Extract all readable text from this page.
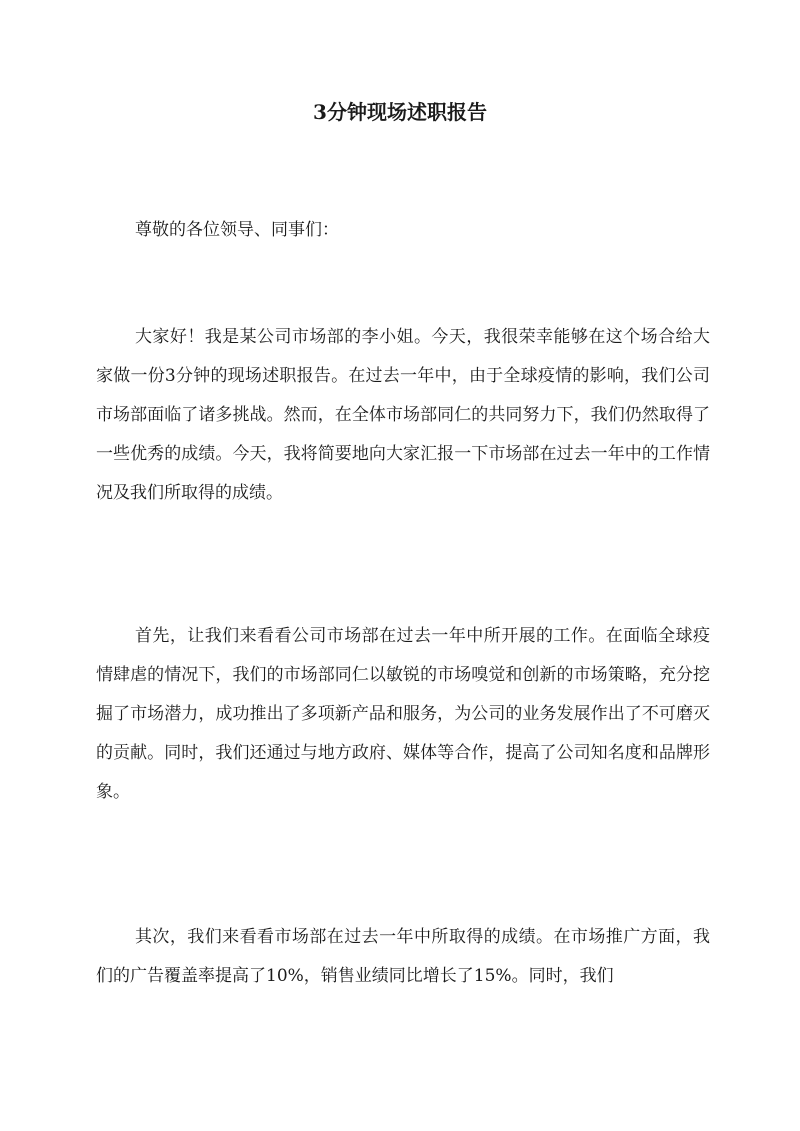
3分钟现场述职报告

尊敬的各位领导、同事们：

大家好！我是某公司市场部的李小姐。今天，我很荣幸能够在这个场合给大家做一份3分钟的现场述职报告。在过去一年中，由于全球疫情的影响，我们公司市场部面临了诸多挑战。然而，在全体市场部同仁的共同努力下，我们仍然取得了一些优秀的成绩。今天，我将简要地向大家汇报一下市场部在过去一年中的工作情况及我们所取得的成绩。

首先，让我们来看看公司市场部在过去一年中所开展的工作。在面临全球疫情肆虐的情况下，我们的市场部同仁以敏锐的市场嗅觉和创新的市场策略，充分挖掘了市场潜力，成功推出了多项新产品和服务，为公司的业务发展作出了不可磨灭的贡献。同时，我们还通过与地方政府、媒体等合作，提高了公司知名度和品牌形象。

其次，我们来看看市场部在过去一年中所取得的成绩。在市场推广方面，我们的广告覆盖率提高了10%，销售业绩同比增长了15%。同时，我们
